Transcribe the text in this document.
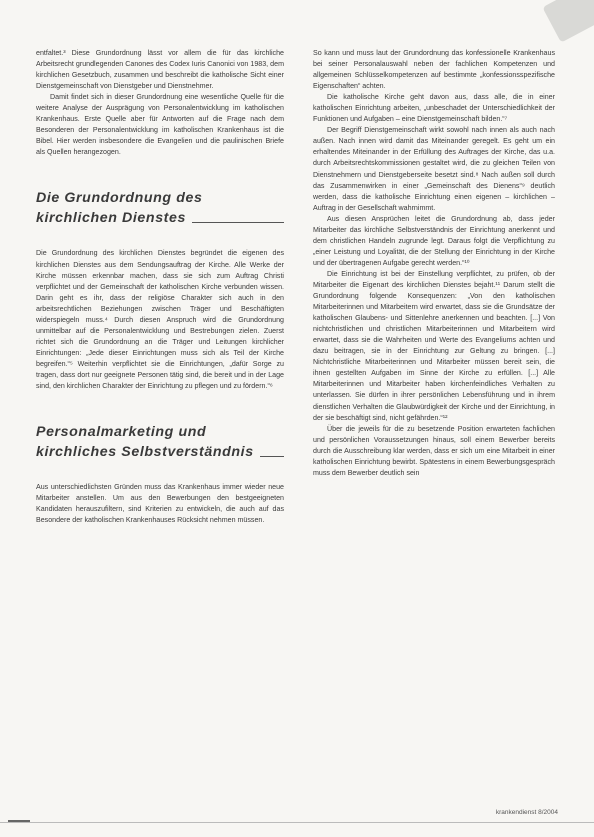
entfaltet.³ Diese Grundordnung lässt vor allem die für das kirchliche Arbeitsrecht grundlegenden Canones des Codex Iuris Canonici von 1983, dem kirchlichen Gesetzbuch, zusammen und beschreibt die katholische Sicht einer Dienstgemeinschaft von Dienstgeber und Dienstnehmer.

Damit findet sich in dieser Grundordnung eine wesentliche Quelle für die weitere Analyse der Ausprägung von Personalentwicklung im katholischen Krankenhaus. Erste Quelle aber für Antworten auf die Frage nach dem Besonderen der Personalentwicklung im katholischen Krankenhaus ist die Bibel. Hier werden insbesondere die Evangelien und die paulinischen Briefe als Quellen herangezogen.

Die Grundordnung des
kirchlichen Dienstes

Die Grundordnung des kirchlichen Dienstes begründet die eigenen des kirchlichen Dienstes aus dem Sendungsauftrag der Kirche. Alle Werke der Kirche müssen erkennbar machen, dass sie sich zum Auftrag Christi verpflichtet und der Gemeinschaft der katholischen Kirche verbunden wissen. Darin geht es ihr, dass der religiöse Charakter sich auch in den arbeitsrechtlichen Beziehungen zwischen Träger und Beschäftigten widerspiegeln muss.⁴ Durch diesen Anspruch wird die Grundordnung unmittelbar auf die Personalentwicklung und Bestrebungen zielen. Zuerst richtet sich die Grundordnung an die Träger und Leitungen kirchlicher Einrichtungen: „Jede dieser Einrichtungen muss sich als Teil der Kirche begreifen.“⁵ Weiterhin verpflichtet sie die Einrichtungen, „dafür Sorge zu tragen, dass dort nur geeignete Personen tätig sind, die bereit und in der Lage sind, den kirchlichen Charakter der Einrichtung zu pflegen und zu fördern.“⁶

Personalmarketing und
kirchliches Selbstverständnis

Aus unterschiedlichsten Gründen muss das Krankenhaus immer wieder neue Mitarbeiter anstellen. Um aus den Bewerbungen den bestgeeigneten Kandidaten herauszufiltern, sind Kriterien zu entwickeln, die auch auf das Besondere der katholischen Krankenhauses Rücksicht nehmen müssen.

So kann und muss laut der Grundordnung das konfessionelle Krankenhaus bei seiner Personalauswahl neben der fachlichen Kompetenzen und allgemeinen Schlüsselkompetenzen auf bestimmte „konfessionsspezifische Eigenschaften“ achten.

Die katholische Kirche geht davon aus, dass alle, die in einer katholischen Einrichtung arbeiten, „unbeschadet der Unterschiedlichkeit der Funktionen und Aufgaben – eine Dienstgemeinschaft bilden.“⁷

Der Begriff Dienstgemeinschaft wirkt sowohl nach innen als auch nach außen. Nach innen wird damit das Miteinander geregelt. Es geht um ein erhaltendes Miteinander in der Erfüllung des Auftrages der Kirche, das u.a. durch Arbeitsrechtskommissionen gestaltet wird, die zu gleichen Teilen von Dienstnehmern und Dienstgeberseite besetzt sind.⁸ Nach außen soll durch das Zusammenwirken in einer „Gemeinschaft des Dienens“⁹ deutlich werden, dass die katholische Einrichtung einen eigenen – kirchlichen – Auftrag in der Gesellschaft wahrnimmt.

Aus diesen Ansprüchen leitet die Grundordnung ab, dass jeder Mitarbeiter das kirchliche Selbstverständnis der Einrichtung anerkennt und dem christlichen Handeln zugrunde legt. Daraus folgt die Verpflichtung zu „einer Leistung und Loyalität, die der Stellung der Einrichtung in der Kirche und der übertragenen Aufgabe gerecht werden.“¹⁰

Die Einrichtung ist bei der Einstellung verpflichtet, zu prüfen, ob der Mitarbeiter die Eigenart des kirchlichen Dienstes bejaht.¹¹ Darum stellt die Grundordnung folgende Konsequenzen: „Von den katholischen Mitarbeiterinnen und Mitarbeitern wird erwartet, dass sie die Grundsätze der katholischen Glaubens- und Sittenlehre anerkennen und beachten. [...] Von nichtchristlichen und christlichen Mitarbeiterinnen und Mitarbeitern wird erwartet, dass sie die Wahrheiten und Werte des Evangeliums achten und dazu beitragen, sie in der Einrichtung zur Geltung zu bringen. [...] Nichtchristliche Mitarbeiterinnen und Mitarbeiter müssen bereit sein, die ihnen gestellten Aufgaben im Sinne der Kirche zu erfüllen. [...] Alle Mitarbeiterinnen und Mitarbeiter haben kirchenfeindliches Verhalten zu unterlassen. Sie dürfen in ihrer persönlichen Lebensführung und in ihrem dienstlichen Verhalten die Glaubwürdigkeit der Kirche und der Einrichtung, in der sie beschäftigt sind, nicht gefährden.“¹²

Über die jeweils für die zu besetzende Position erwarteten fachlichen und persönlichen Voraussetzungen hinaus, soll einem Bewerber bereits durch die Ausschreibung klar werden, dass er sich um eine Mitarbeit in einer katholischen Einrichtung bewirbt. Spätestens in einem Bewerbungsgespräch muss dem Bewerber deutlich sein

krankendienst 8/2004
